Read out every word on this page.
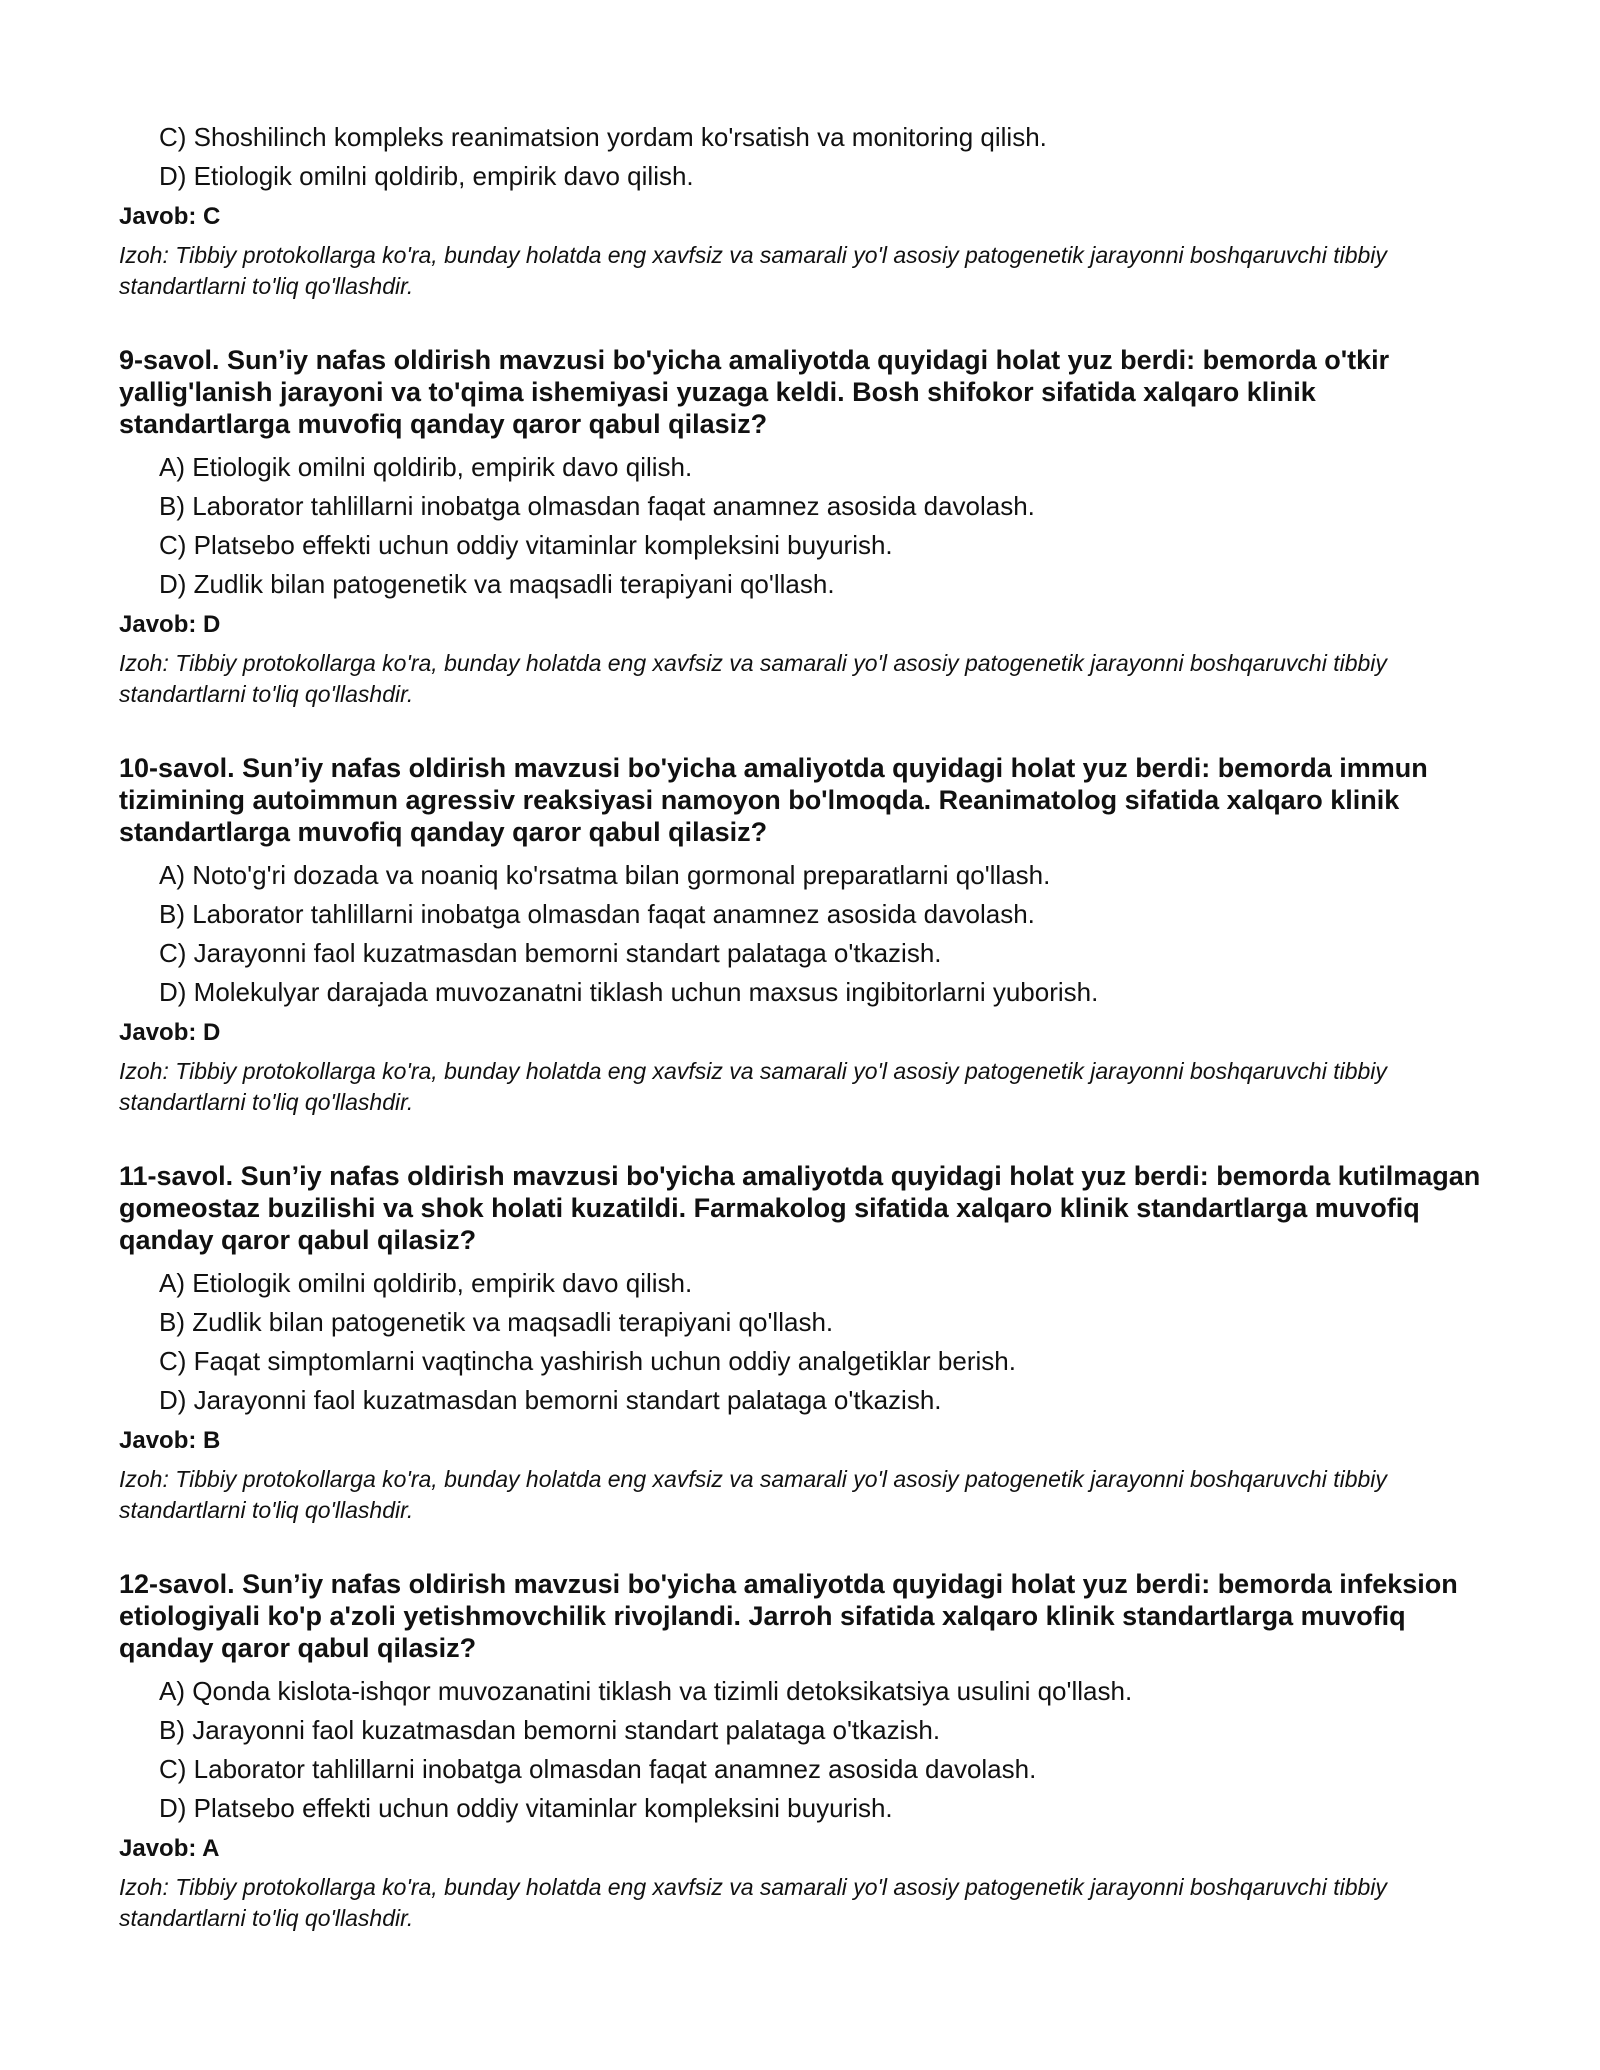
C) Shoshilinch kompleks reanimatsion yordam ko'rsatish va monitoring qilish.
D) Etiologik omilni qoldirib, empirik davo qilish.
Javob: C
Izoh: Tibbiy protokollarga ko'ra, bunday holatda eng xavfsiz va samarali yo'l asosiy patogenetik jarayonni boshqaruvchi tibbiy standartlarni to'liq qo'llashdir.
9-savol. Sun’iy nafas oldirish mavzusi bo'yicha amaliyotda quyidagi holat yuz berdi: bemorda o'tkir yallig'lanish jarayoni va to'qima ishemiyasi yuzaga keldi. Bosh shifokor sifatida xalqaro klinik standartlarga muvofiq qanday qaror qabul qilasiz?
A) Etiologik omilni qoldirib, empirik davo qilish.
B) Laborator tahlillarni inobatga olmasdan faqat anamnez asosida davolash.
C) Platsebo effekti uchun oddiy vitaminlar kompleksini buyurish.
D) Zudlik bilan patogenetik va maqsadli terapiyani qo'llash.
Javob: D
Izoh: Tibbiy protokollarga ko'ra, bunday holatda eng xavfsiz va samarali yo'l asosiy patogenetik jarayonni boshqaruvchi tibbiy standartlarni to'liq qo'llashdir.
10-savol. Sun’iy nafas oldirish mavzusi bo'yicha amaliyotda quyidagi holat yuz berdi: bemorda immun tizimining autoimmun agressiv reaksiyasi namoyon bo'lmoqda. Reanimatolog sifatida xalqaro klinik standartlarga muvofiq qanday qaror qabul qilasiz?
A) Noto'g'ri dozada va noaniq ko'rsatma bilan gormonal preparatlarni qo'llash.
B) Laborator tahlillarni inobatga olmasdan faqat anamnez asosida davolash.
C) Jarayonni faol kuzatmasdan bemorni standart palataga o'tkazish.
D) Molekulyar darajada muvozanatni tiklash uchun maxsus ingibitorlarni yuborish.
Javob: D
Izoh: Tibbiy protokollarga ko'ra, bunday holatda eng xavfsiz va samarali yo'l asosiy patogenetik jarayonni boshqaruvchi tibbiy standartlarni to'liq qo'llashdir.
11-savol. Sun’iy nafas oldirish mavzusi bo'yicha amaliyotda quyidagi holat yuz berdi: bemorda kutilmagan gomeostaz buzilishi va shok holati kuzatildi. Farmakolog sifatida xalqaro klinik standartlarga muvofiq qanday qaror qabul qilasiz?
A) Etiologik omilni qoldirib, empirik davo qilish.
B) Zudlik bilan patogenetik va maqsadli terapiyani qo'llash.
C) Faqat simptomlarni vaqtincha yashirish uchun oddiy analgetiklar berish.
D) Jarayonni faol kuzatmasdan bemorni standart palataga o'tkazish.
Javob: B
Izoh: Tibbiy protokollarga ko'ra, bunday holatda eng xavfsiz va samarali yo'l asosiy patogenetik jarayonni boshqaruvchi tibbiy standartlarni to'liq qo'llashdir.
12-savol. Sun’iy nafas oldirish mavzusi bo'yicha amaliyotda quyidagi holat yuz berdi: bemorda infeksion etiologiyali ko'p a'zoli yetishmovchilik rivojlandi. Jarroh sifatida xalqaro klinik standartlarga muvofiq qanday qaror qabul qilasiz?
A) Qonda kislota-ishqor muvozanatini tiklash va tizimli detoksikatsiya usulini qo'llash.
B) Jarayonni faol kuzatmasdan bemorni standart palataga o'tkazish.
C) Laborator tahlillarni inobatga olmasdan faqat anamnez asosida davolash.
D) Platsebo effekti uchun oddiy vitaminlar kompleksini buyurish.
Javob: A
Izoh: Tibbiy protokollarga ko'ra, bunday holatda eng xavfsiz va samarali yo'l asosiy patogenetik jarayonni boshqaruvchi tibbiy standartlarni to'liq qo'llashdir.
